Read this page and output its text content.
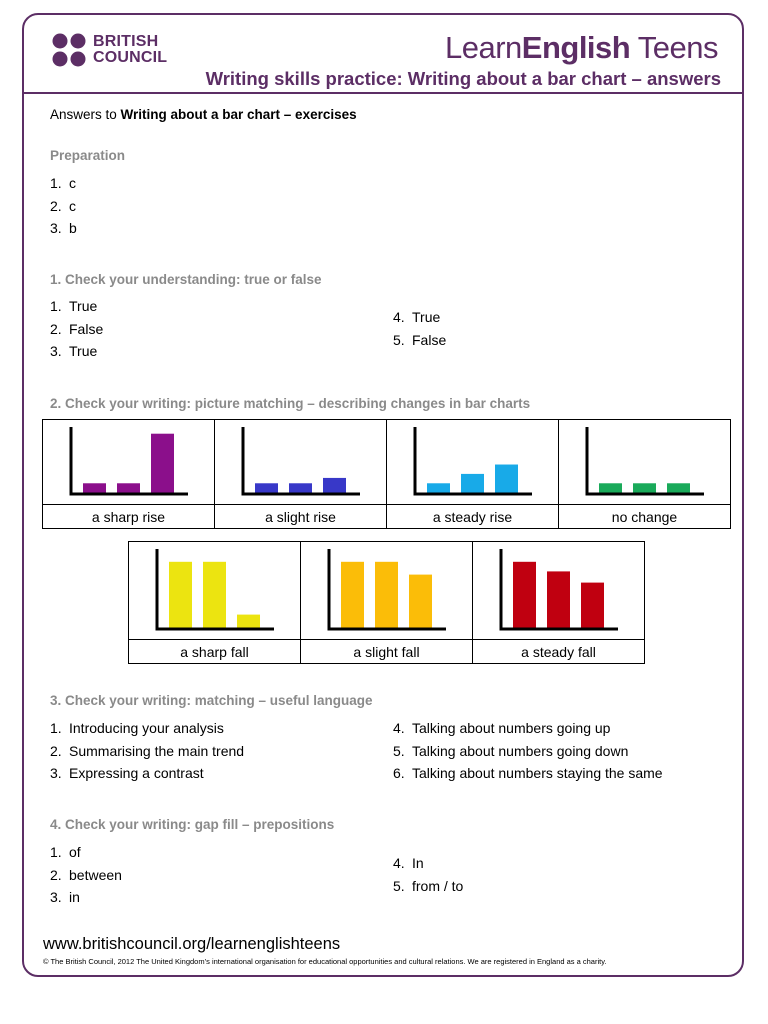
BRITISH
COUNCIL	LearnEnglish Teens
Writing skills practice: Writing about a bar chart – answers
Answers to Writing about a bar chart – exercises
Preparation
1. c
2. c
3. b
1. Check your understanding: true or false
1. True
2. False
3. True
4. True
5. False
2. Check your writing: picture matching – describing changes in bar charts

a sharp rise	a slight rise	a steady rise	no change

a sharp fall	a slight fall	a steady fall
3. Check your writing: matching – useful language
1. Introducing your analysis
2. Summarising the main trend
3. Expressing a contrast
4. Talking about numbers going up
5. Talking about numbers going down
6. Talking about numbers staying the same
4. Check your writing: gap fill – prepositions
1. of
2. between
3. in
4. In
5. from / to
www.britishcouncil.org/learnenglishteens
© The British Council, 2012 The United Kingdom’s international organisation for educational opportunities and cultural relations. We are registered in England as a charity.
